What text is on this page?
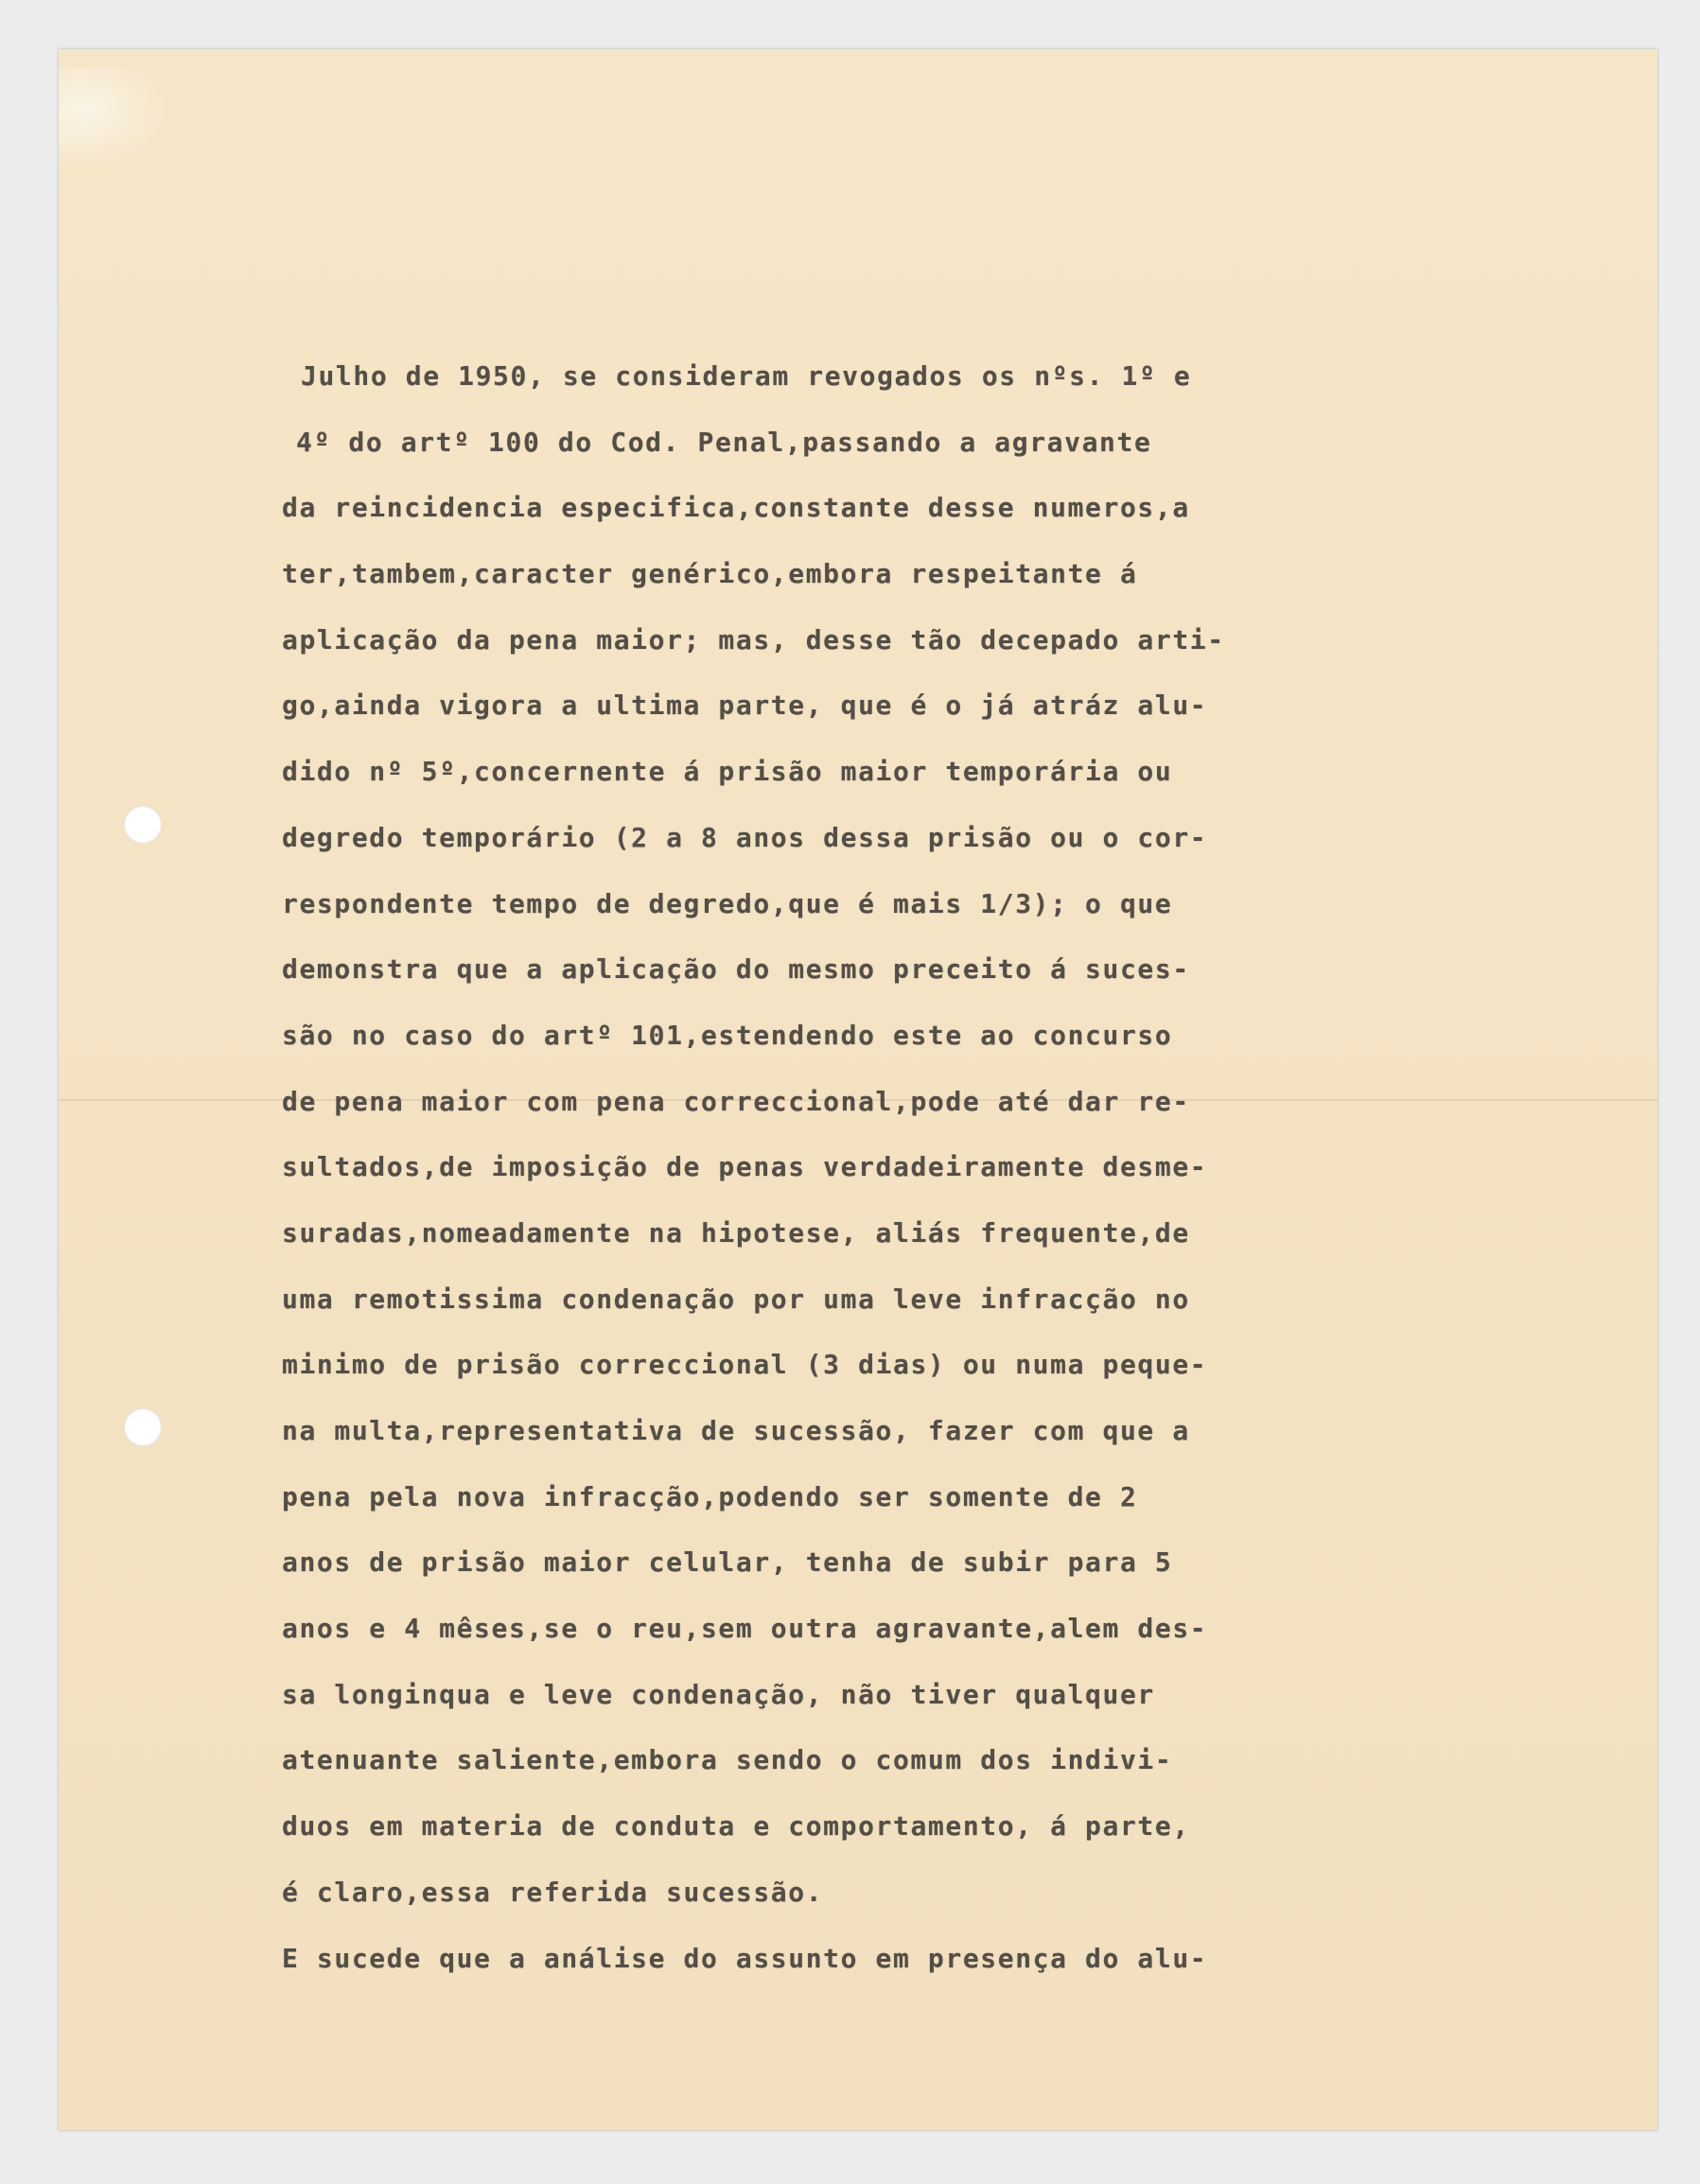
Julho de 1950, se consideram revogados os nºs. 1º e
4º do artº 100 do Cod. Penal,passando a agravante
da reincidencia especifica,constante desse numeros,a
ter,tambem,caracter genérico,embora respeitante á
aplicação da pena maior; mas, desse tão decepado arti-
go,ainda vigora a ultima parte, que é o já atráz alu-
dido nº 5º,concernente á prisão maior temporária ou
degredo temporário (2 a 8 anos dessa prisão ou o cor-
respondente tempo de degredo,que é mais 1/3); o que
demonstra que a aplicação do mesmo preceito á suces-
são no caso do artº 101,estendendo este ao concurso
de pena maior com pena correccional,pode até dar re-
sultados,de imposição de penas verdadeiramente desme-
suradas,nomeadamente na hipotese, aliás frequente,de
uma remotissima condenação por uma leve infracção no
minimo de prisão correccional (3 dias) ou numa peque-
na multa,representativa de sucessão, fazer com que a
pena pela nova infracção,podendo ser somente de 2
anos de prisão maior celular, tenha de subir para 5
anos e 4 mêses,se o reu,sem outra agravante,alem des-
sa longinqua e leve condenação, não tiver qualquer
atenuante saliente,embora sendo o comum dos indivi-
duos em materia de conduta e comportamento, á parte,
é claro,essa referida sucessão.
E sucede que a análise do assunto em presença do alu-
